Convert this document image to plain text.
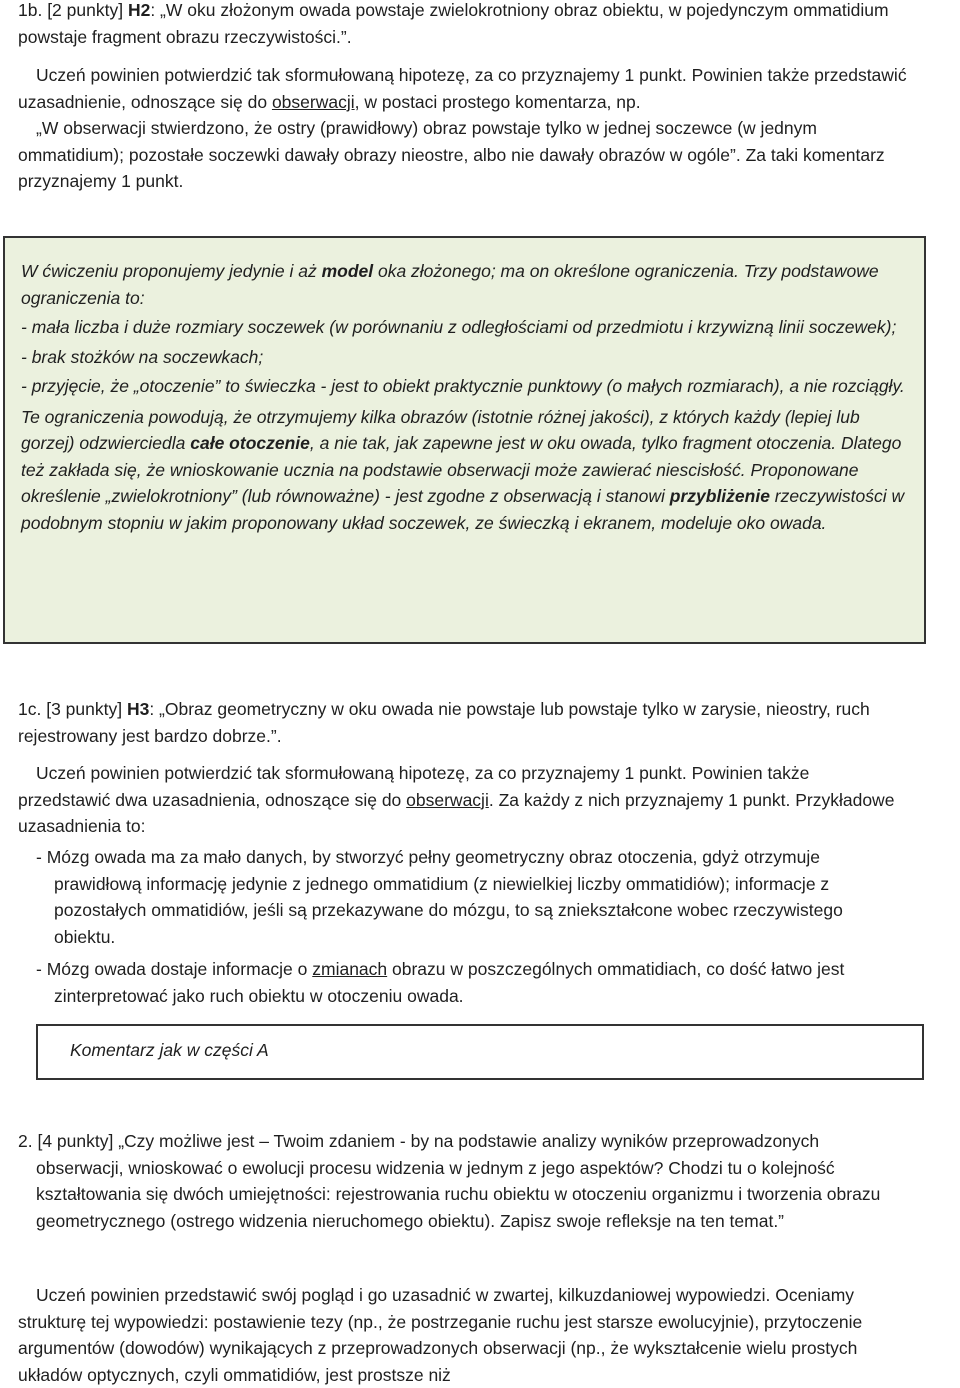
1b. [2 punkty] H2: „W oku złożonym owada powstaje zwielokrotniony obraz obiektu, w pojedynczym ommatidium powstaje fragment obrazu rzeczywistości.”.

Uczeń powinien potwierdzić tak sformułowaną hipotezę, za co przyznajemy 1 punkt. Powinien także przedstawić uzasadnienie, odnoszące się do obserwacji, w postaci prostego komentarza, np.

„W obserwacji stwierdzono, że ostry (prawidłowy) obraz powstaje tylko w jednej soczewce (w jednym ommatidium); pozostałe soczewki dawały obrazy nieostre, albo nie dawały obrazów w ogóle”. Za taki komentarz przyznajemy 1 punkt.

W ćwiczeniu proponujemy jedynie i aż model oka złożonego; ma on określone ograniczenia. Trzy podstawowe ograniczenia to:

- mała liczba i duże rozmiary soczewek (w porównaniu z odległościami od przedmiotu i krzywizną linii soczewek);

- brak stożków na soczewkach;

- przyjęcie, że „otoczenie” to świeczka - jest to obiekt praktycznie punktowy (o małych rozmiarach), a nie rozciągły.

Te ograniczenia powodują, że otrzymujemy kilka obrazów (istotnie różnej jakości), z których każdy (lepiej lub gorzej) odzwierciedla całe otoczenie, a nie tak, jak zapewne jest w oku owada, tylko fragment otoczenia. Dlatego też zakłada się, że wnioskowanie ucznia na podstawie obserwacji może zawierać niescisłość. Proponowane określenie „zwielokrotniony” (lub równoważne) - jest zgodne z obserwacją i stanowi przybliżenie rzeczywistości w podobnym stopniu w jakim proponowany układ soczewek, ze świeczką i ekranem, modeluje oko owada.

1c. [3 punkty] H3: „Obraz geometryczny w oku owada nie powstaje lub powstaje tylko w zarysie, nieostry, ruch rejestrowany jest bardzo dobrze.”.

Uczeń powinien potwierdzić tak sformułowaną hipotezę, za co przyznajemy 1 punkt. Powinien także przedstawić dwa uzasadnienia, odnoszące się do obserwacji. Za każdy z nich przyznajemy 1 punkt. Przykładowe uzasadnienia to:

- Mózg owada ma za mało danych, by stworzyć pełny geometryczny obraz otoczenia, gdyż otrzymuje prawidłową informację jedynie z jednego ommatidium (z niewielkiej liczby ommatidiów); informacje z pozostałych ommatidiów, jeśli są przekazywane do mózgu, to są zniekształcone wobec rzeczywistego obiektu.

- Mózg owada dostaje informacje o zmianach obrazu w poszczególnych ommatidiach, co dość łatwo jest zinterpretować jako ruch obiektu w otoczeniu owada.

Komentarz jak w części A

2. [4 punkty] „Czy możliwe jest – Twoim zdaniem - by na podstawie analizy wyników przeprowadzonych obserwacji, wnioskować o ewolucji procesu widzenia w jednym z jego aspektów? Chodzi tu o kolejność kształtowania się dwóch umiejętności: rejestrowania ruchu obiektu w otoczeniu organizmu i tworzenia obrazu geometrycznego (ostrego widzenia nieruchomego obiektu). Zapisz swoje refleksje na ten temat.”

Uczeń powinien przedstawić swój pogląd i go uzasadnić w zwartej, kilkuzdaniowej wypowiedzi. Oceniamy strukturę tej wypowiedzi: postawienie tezy (np., że postrzeganie ruchu jest starsze ewolucyjnie), przytoczenie argumentów (dowodów) wynikających z przeprowadzonych obserwacji (np., że wykształcenie wielu prostych układów optycznych, czyli ommatidiów, jest prostsze niż
